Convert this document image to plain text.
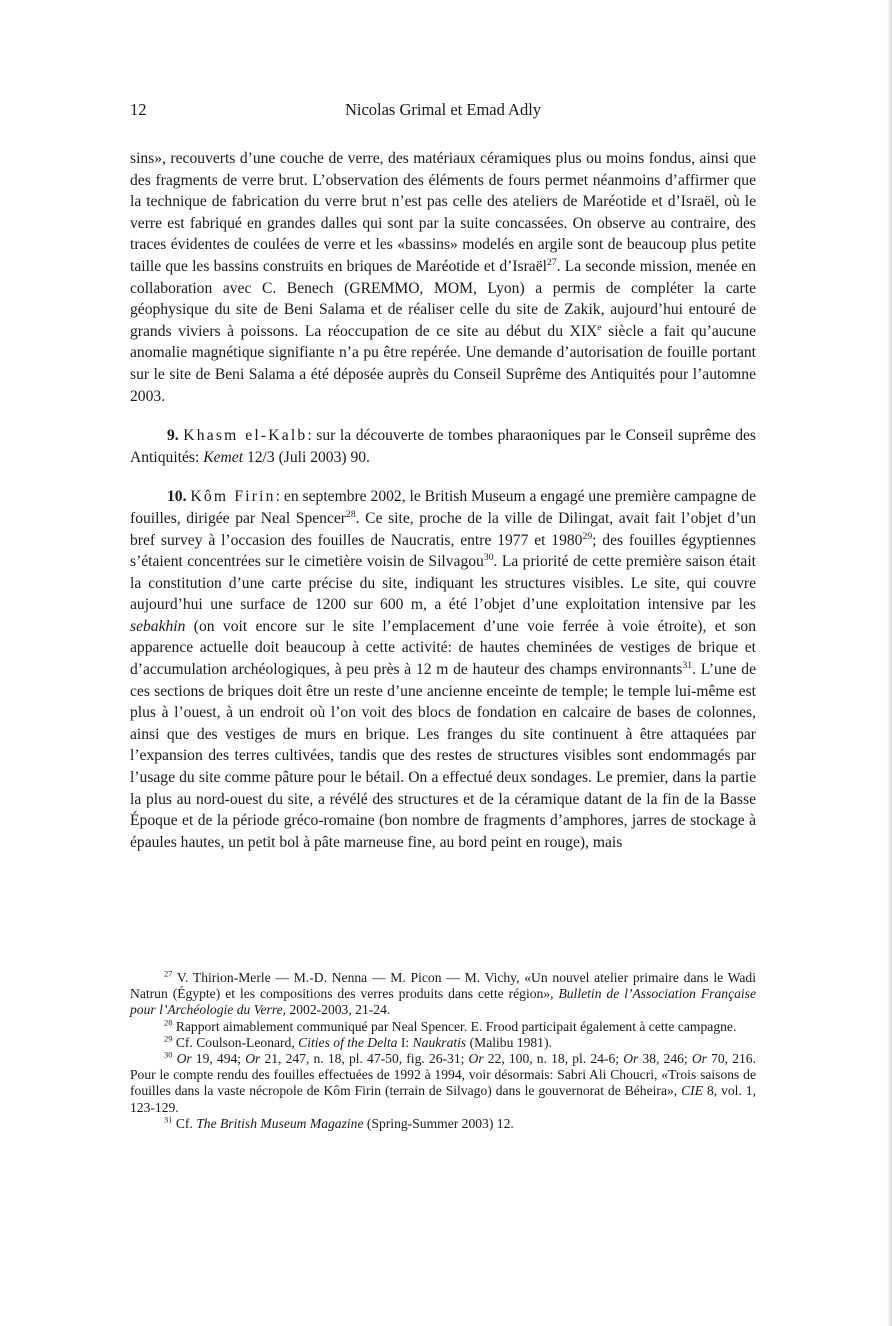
12	Nicolas Grimal et Emad Adly

sins», recouverts d’une couche de verre, des matériaux céramiques plus ou moins fondus, ainsi que des fragments de verre brut. L’observation des éléments de fours permet néanmoins d’affirmer que la technique de fabrication du verre brut n’est pas celle des ateliers de Maréotide et d’Israël, où le verre est fabriqué en grandes dalles qui sont par la suite concassées. On observe au contraire, des traces évidentes de coulées de verre et les «bassins» modelés en argile sont de beaucoup plus petite taille que les bassins construits en briques de Maréotide et d’Israël$^{27}$. La seconde mission, menée en collaboration avec C. Benech (GREMMO, MOM, Lyon) a permis de compléter la carte géophysique du site de Beni Salama et de réaliser celle du site de Zakik, aujourd’hui entouré de grands viviers à poissons. La réoccupation de ce site au début du XIXe siècle a fait qu’aucune anomalie magnétique signifiante n’a pu être repérée. Une demande d’autorisation de fouille portant sur le site de Beni Salama a été déposée auprès du Conseil Suprême des Antiquités pour l’automne 2003.

9. Khasm el-Kalb: sur la découverte de tombes pharaoniques par le Conseil suprême des Antiquités: Kemet 12/3 (Juli 2003) 90.

10. Kôm Firin: en septembre 2002, le British Museum a engagé une première campagne de fouilles, dirigée par Neal Spencer$^{28}$. Ce site, proche de la ville de Dilingat, avait fait l’objet d’un bref survey à l’occasion des fouilles de Naucratis, entre 1977 et 1980$^{29}$; des fouilles égyptiennes s’étaient concentrées sur le cimetière voisin de Silvagou$^{30}$. La priorité de cette première saison était la constitution d’une carte précise du site, indiquant les structures visibles. Le site, qui couvre aujourd’hui une surface de 1200 sur 600 m, a été l’objet d’une exploitation intensive par les sebakhin (on voit encore sur le site l’emplacement d’une voie ferrée à voie étroite), et son apparence actuelle doit beaucoup à cette activité: de hautes cheminées de vestiges de brique et d’accumulation archéologiques, à peu près à 12 m de hauteur des champs environnants$^{31}$. L’une de ces sections de briques doit être un reste d’une ancienne enceinte de temple; le temple lui-même est plus à l’ouest, à un endroit où l’on voit des blocs de fondation en calcaire de bases de colonnes, ainsi que des vestiges de murs en brique. Les franges du site continuent à être attaquées par l’expansion des terres cultivées, tandis que des restes de structures visibles sont endommagés par l’usage du site comme pâture pour le bétail. On a effectué deux sondages. Le premier, dans la partie la plus au nord-ouest du site, a révélé des structures et de la céramique datant de la fin de la Basse Époque et de la période gréco-romaine (bon nombre de fragments d’amphores, jarres de stockage à épaules hautes, un petit bol à pâte marneuse fine, au bord peint en rouge), mais

$^{27}$ V. Thirion-Merle — M.-D. Nenna — M. Picon — M. Vichy, «Un nouvel atelier primaire dans le Wadi Natrun (Égypte) et les compositions des verres produits dans cette région», Bulletin de l’Association Française pour l’Archéologie du Verre, 2002-2003, 21-24.

$^{28}$ Rapport aimablement communiqué par Neal Spencer. E. Frood participait également à cette campagne.

$^{29}$ Cf. Coulson-Leonard, Cities of the Delta I: Naukratis (Malibu 1981).

$^{30}$ Or 19, 494; Or 21, 247, n. 18, pl. 47-50, fig. 26-31; Or 22, 100, n. 18, pl. 24-6; Or 38, 246; Or 70, 216. Pour le compte rendu des fouilles effectuées de 1992 à 1994, voir désormais: Sabri Ali Choucri, «Trois saisons de fouilles dans la vaste nécropole de Kôm Firin (terrain de Silvago) dans le gouvernorat de Béheira», CIE 8, vol. 1, 123-129.

$^{31}$ Cf. The British Museum Magazine (Spring-Summer 2003) 12.
